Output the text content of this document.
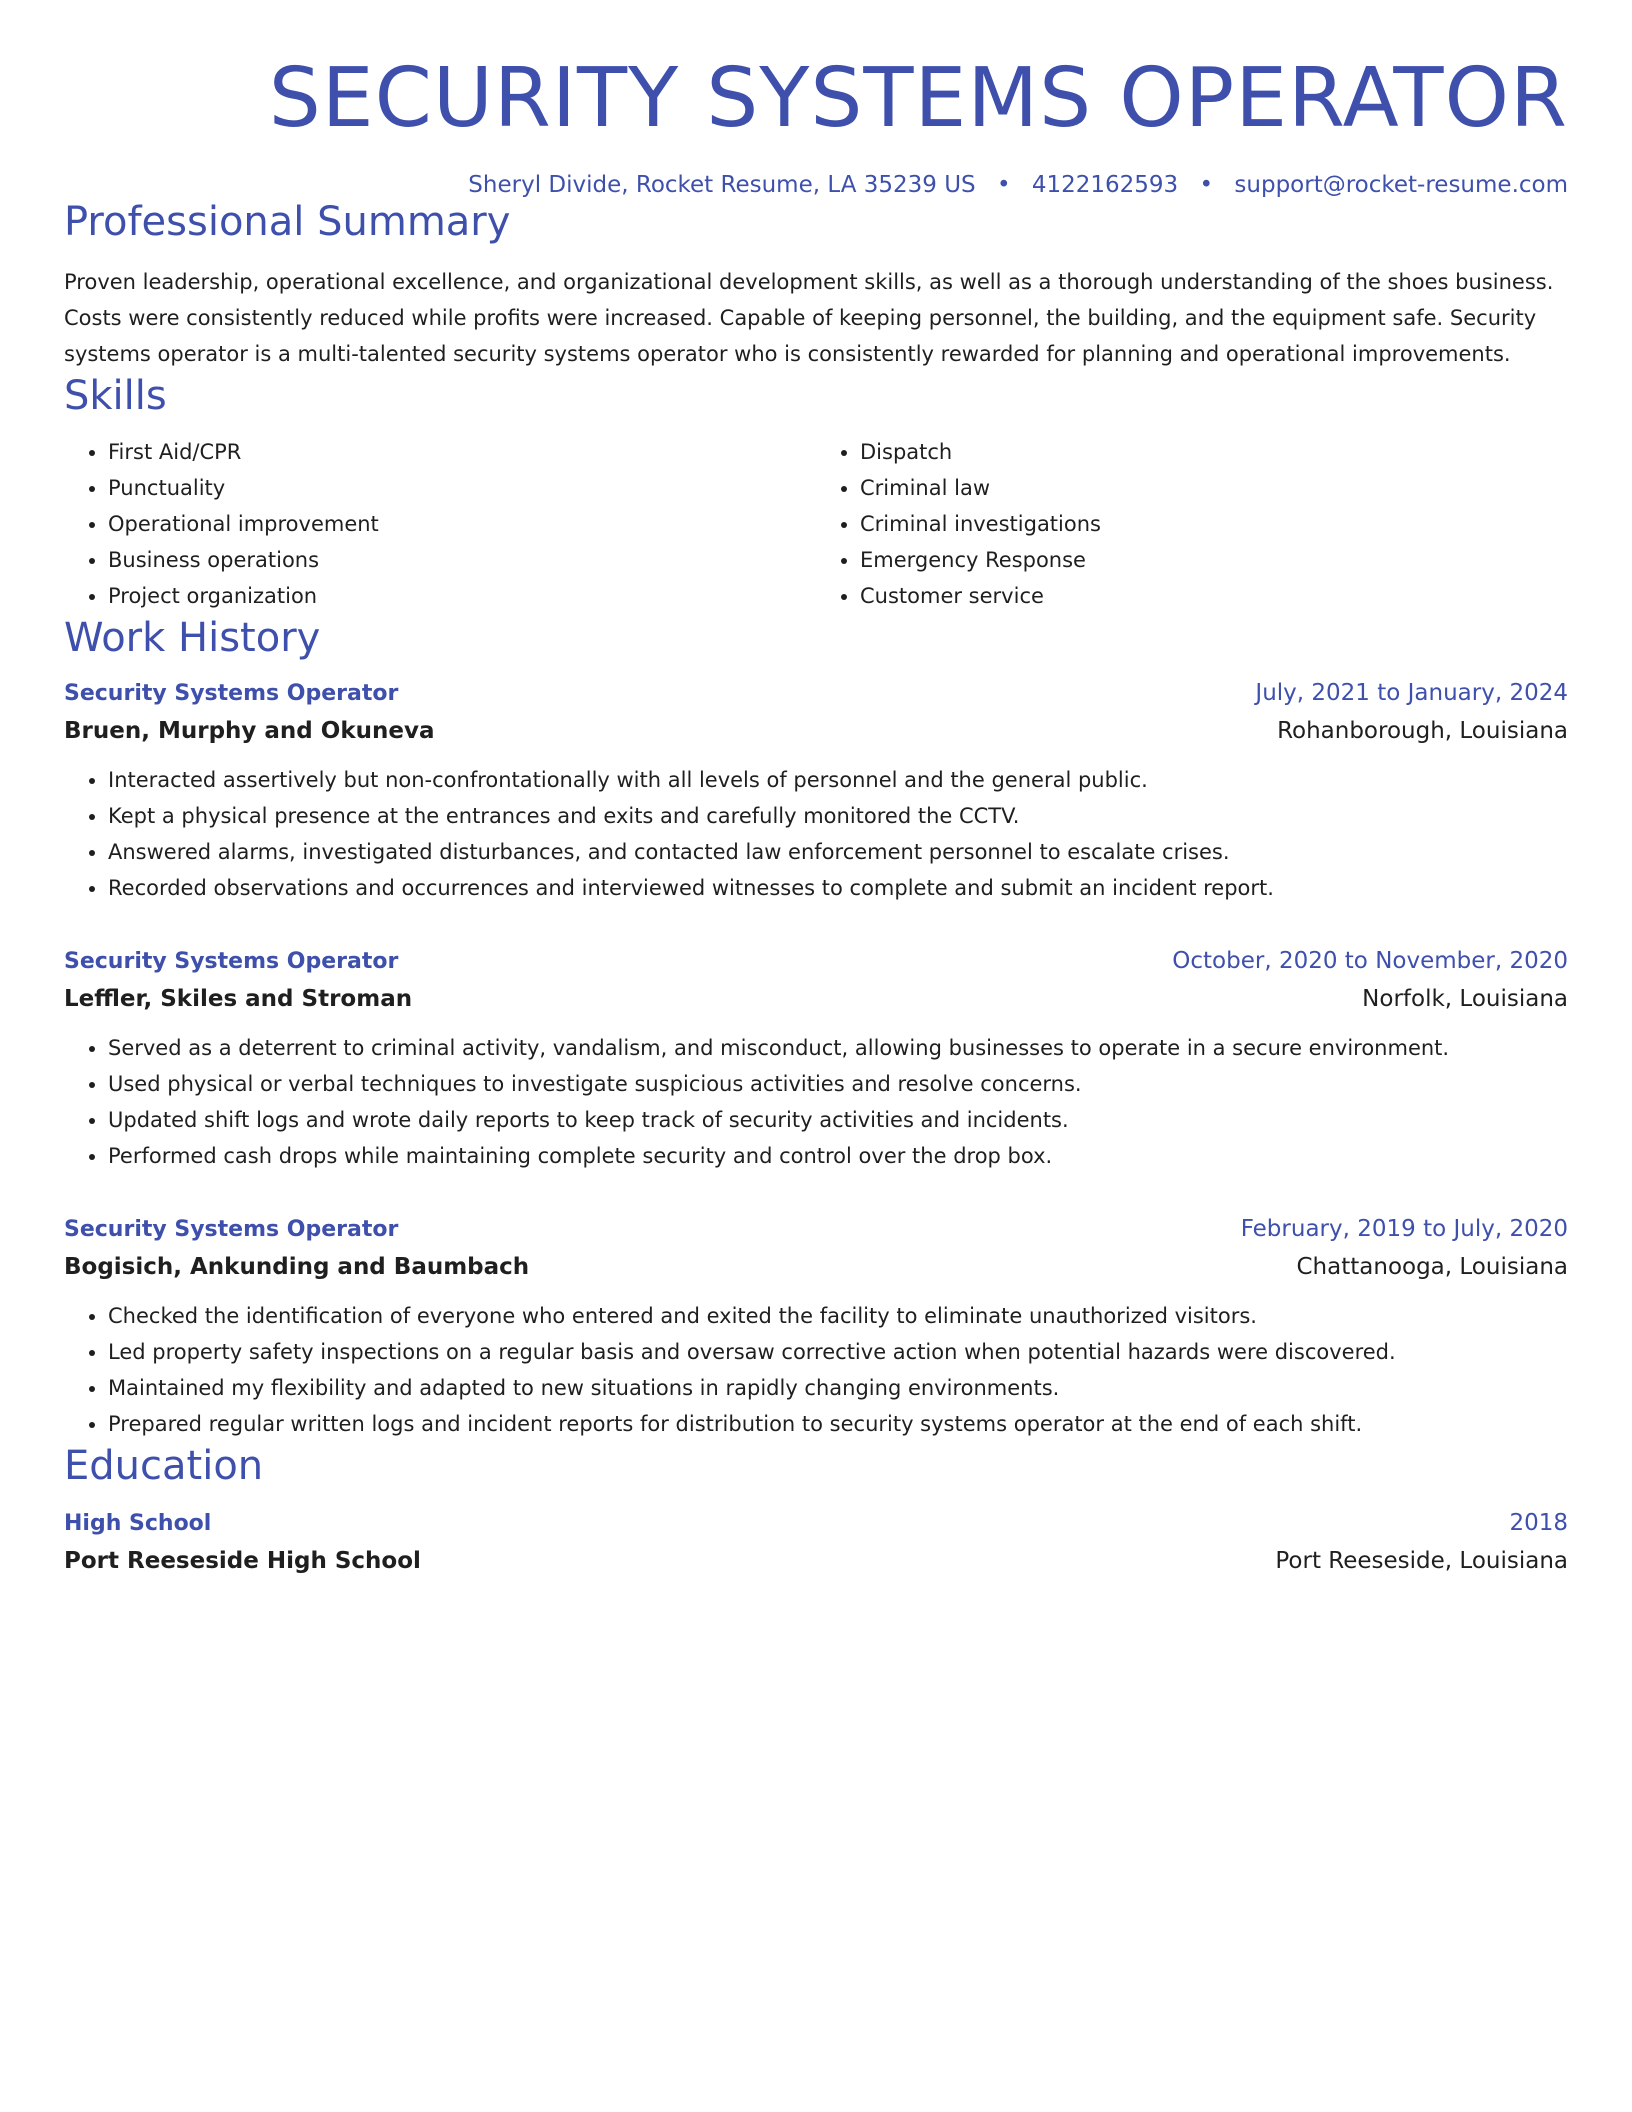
SECURITY SYSTEMS OPERATOR
Sheryl Divide, Rocket Resume, LA 35239 US • 4122162593 • support@rocket-resume.com
Professional Summary
Proven leadership, operational excellence, and organizational development skills, as well as a thorough understanding of the shoes business. Costs were consistently reduced while profits were increased. Capable of keeping personnel, the building, and the equipment safe. Security systems operator is a multi-talented security systems operator who is consistently rewarded for planning and operational improvements.
Skills
• First Aid/CPR
• Punctuality
• Operational improvement
• Business operations
• Project organization
• Dispatch
• Criminal law
• Criminal investigations
• Emergency Response
• Customer service
Work History
Security Systems Operator	July, 2021 to January, 2024
Bruen, Murphy and Okuneva	Rohanborough, Louisiana
• Interacted assertively but non-confrontationally with all levels of personnel and the general public.
• Kept a physical presence at the entrances and exits and carefully monitored the CCTV.
• Answered alarms, investigated disturbances, and contacted law enforcement personnel to escalate crises.
• Recorded observations and occurrences and interviewed witnesses to complete and submit an incident report.
Security Systems Operator	October, 2020 to November, 2020
Leffler, Skiles and Stroman	Norfolk, Louisiana
• Served as a deterrent to criminal activity, vandalism, and misconduct, allowing businesses to operate in a secure environment.
• Used physical or verbal techniques to investigate suspicious activities and resolve concerns.
• Updated shift logs and wrote daily reports to keep track of security activities and incidents.
• Performed cash drops while maintaining complete security and control over the drop box.
Security Systems Operator	February, 2019 to July, 2020
Bogisich, Ankunding and Baumbach	Chattanooga, Louisiana
• Checked the identification of everyone who entered and exited the facility to eliminate unauthorized visitors.
• Led property safety inspections on a regular basis and oversaw corrective action when potential hazards were discovered.
• Maintained my flexibility and adapted to new situations in rapidly changing environments.
• Prepared regular written logs and incident reports for distribution to security systems operator at the end of each shift.
Education
High School	2018
Port Reeseside High School	Port Reeseside, Louisiana
